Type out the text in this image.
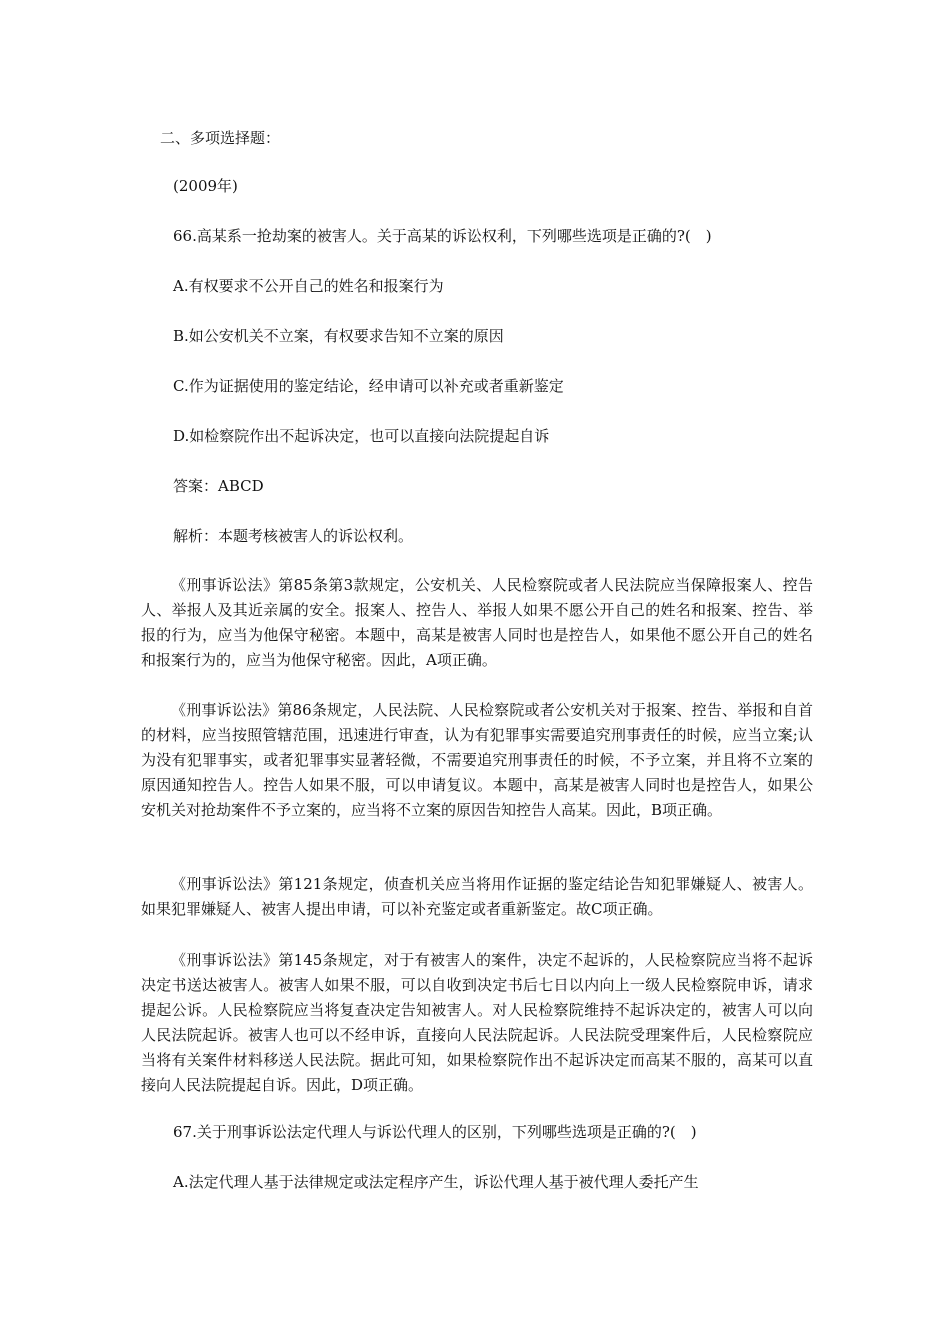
二、多项选择题：

(2009年)

66.高某系一抢劫案的被害人。关于高某的诉讼权利，下列哪些选项是正确的?(　)

A.有权要求不公开自己的姓名和报案行为

B.如公安机关不立案，有权要求告知不立案的原因

C.作为证据使用的鉴定结论，经申请可以补充或者重新鉴定

D.如检察院作出不起诉决定，也可以直接向法院提起自诉

答案：ABCD

解析：本题考核被害人的诉讼权利。

《刑事诉讼法》第85条第3款规定，公安机关、人民检察院或者人民法院应当保障报案人、控告人、举报人及其近亲属的安全。报案人、控告人、举报人如果不愿公开自己的姓名和报案、控告、举报的行为，应当为他保守秘密。本题中，高某是被害人同时也是控告人，如果他不愿公开自己的姓名和报案行为的，应当为他保守秘密。因此，A项正确。

《刑事诉讼法》第86条规定，人民法院、人民检察院或者公安机关对于报案、控告、举报和自首的材料，应当按照管辖范围，迅速进行审查，认为有犯罪事实需要追究刑事责任的时候，应当立案;认为没有犯罪事实，或者犯罪事实显著轻微，不需要追究刑事责任的时候，不予立案，并且将不立案的原因通知控告人。控告人如果不服，可以申请复议。本题中，高某是被害人同时也是控告人，如果公安机关对抢劫案件不予立案的，应当将不立案的原因告知控告人高某。因此，B项正确。

《刑事诉讼法》第121条规定，侦查机关应当将用作证据的鉴定结论告知犯罪嫌疑人、被害人。如果犯罪嫌疑人、被害人提出申请，可以补充鉴定或者重新鉴定。故C项正确。

《刑事诉讼法》第145条规定，对于有被害人的案件，决定不起诉的，人民检察院应当将不起诉决定书送达被害人。被害人如果不服，可以自收到决定书后七日以内向上一级人民检察院申诉，请求提起公诉。人民检察院应当将复查决定告知被害人。对人民检察院维持不起诉决定的，被害人可以向人民法院起诉。被害人也可以不经申诉，直接向人民法院起诉。人民法院受理案件后，人民检察院应当将有关案件材料移送人民法院。据此可知，如果检察院作出不起诉决定而高某不服的，高某可以直接向人民法院提起自诉。因此，D项正确。

67.关于刑事诉讼法定代理人与诉讼代理人的区别，下列哪些选项是正确的?(　)

A.法定代理人基于法律规定或法定程序产生，诉讼代理人基于被代理人委托产生
